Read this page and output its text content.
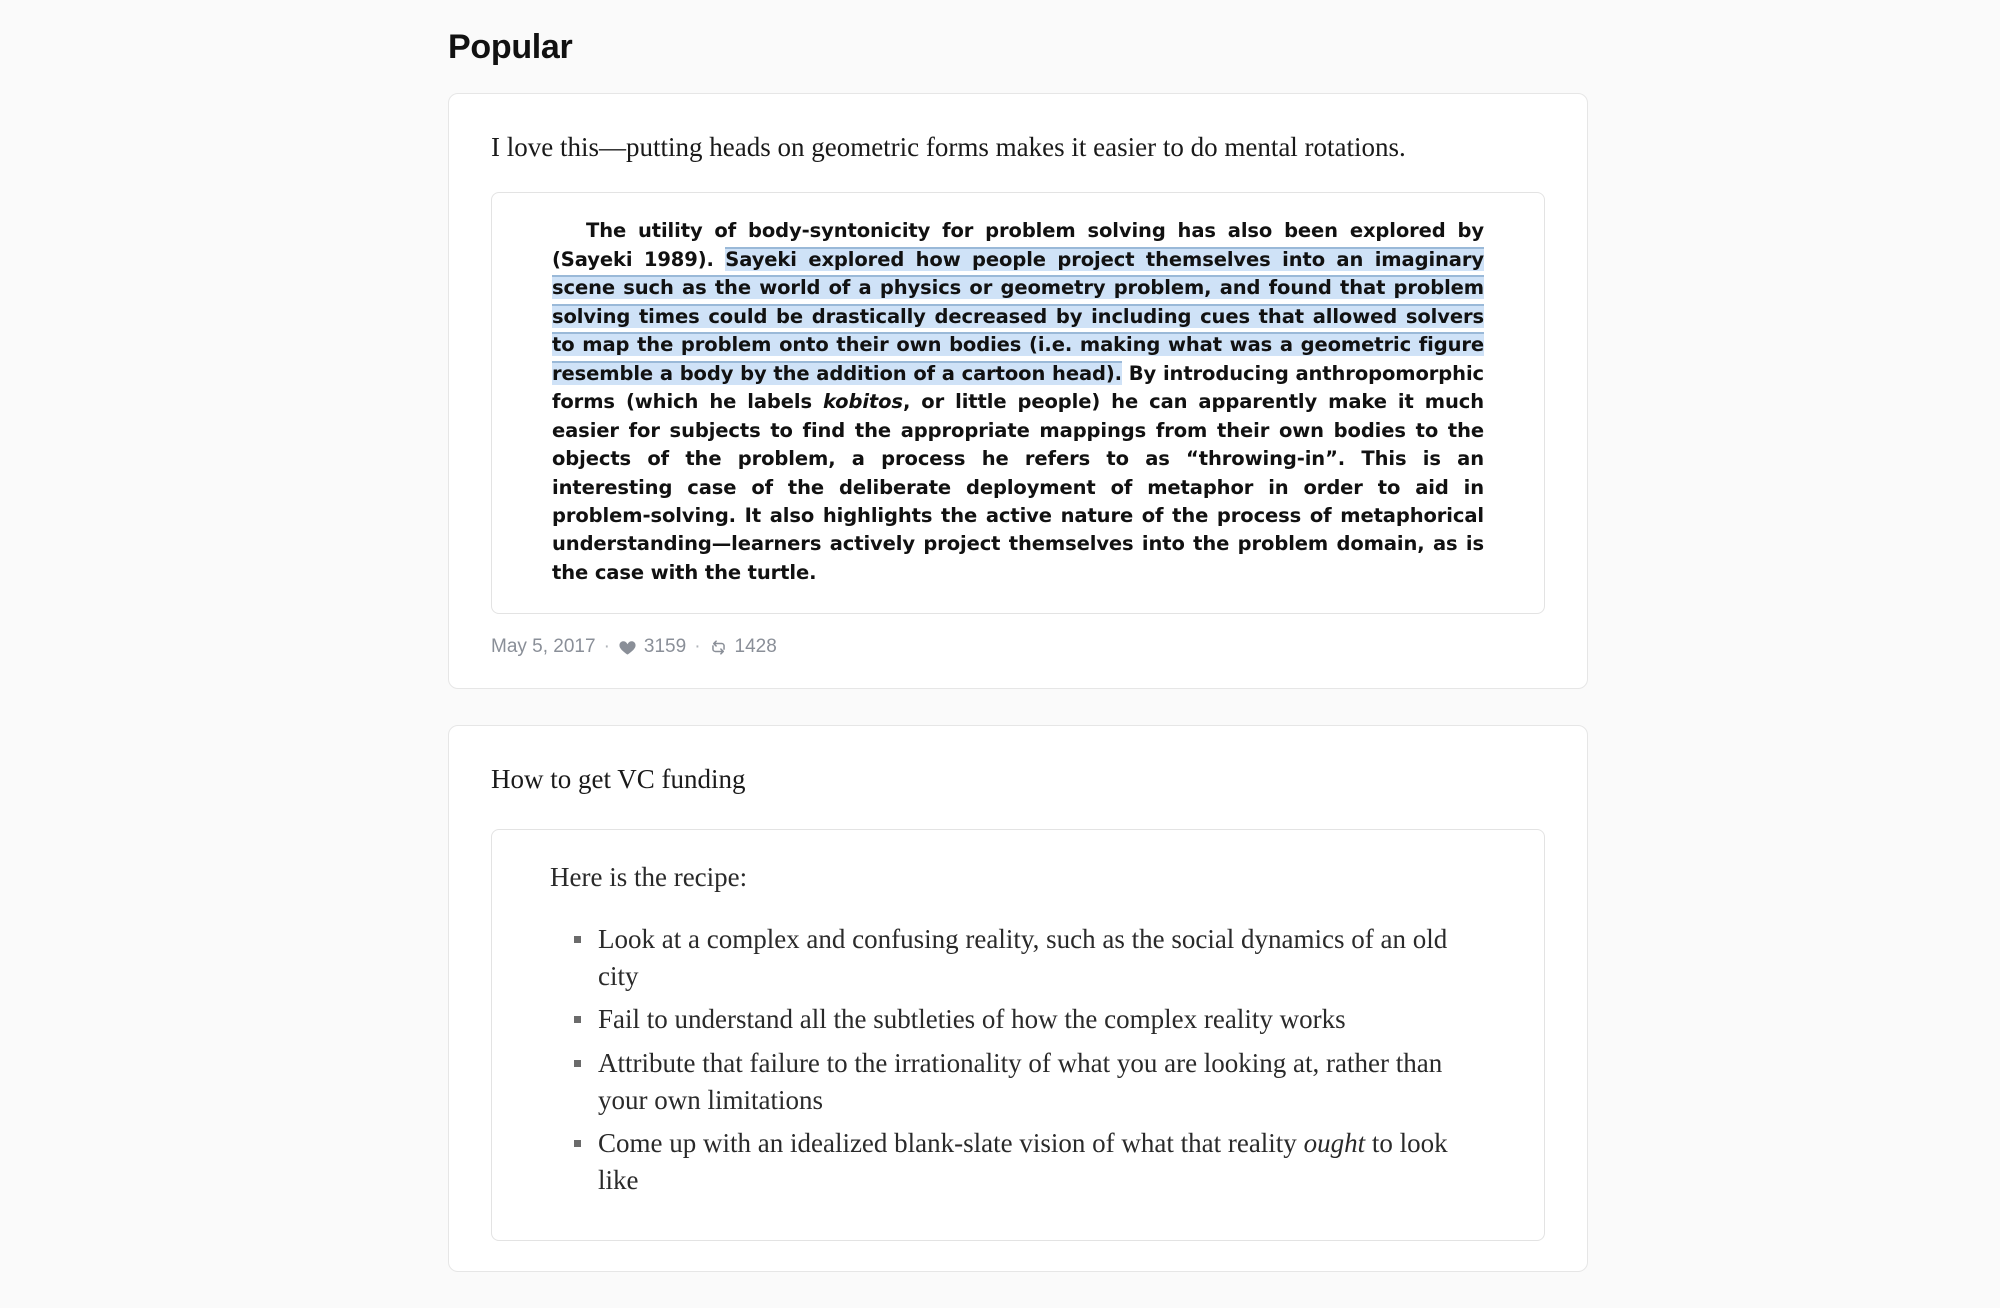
Popular

I love this—putting heads on geometric forms makes it easier to do mental rotations.

The utility of body-syntonicity for problem solving has also been explored by (Sayeki 1989). Sayeki explored how people project themselves into an imaginary scene such as the world of a physics or geometry problem, and found that problem solving times could be drastically decreased by including cues that allowed solvers to map the problem onto their own bodies (i.e. making what was a geometric figure resemble a body by the addition of a cartoon head). By introducing anthropomorphic forms (which he labels kobitos, or little people) he can apparently make it much easier for subjects to find the appropriate mappings from their own bodies to the objects of the problem, a process he refers to as “throwing-in”. This is an interesting case of the deliberate deployment of metaphor in order to aid in problem-solving. It also highlights the active nature of the process of metaphorical understanding—learners actively project themselves into the problem domain, as is the case with the turtle.

May 5, 2017 · 3159 · 1428

How to get VC funding

Here is the recipe:

Look at a complex and confusing reality, such as the social dynamics of an old city
Fail to understand all the subtleties of how the complex reality works
Attribute that failure to the irrationality of what you are looking at, rather than your own limitations
Come up with an idealized blank-slate vision of what that reality ought to look like
